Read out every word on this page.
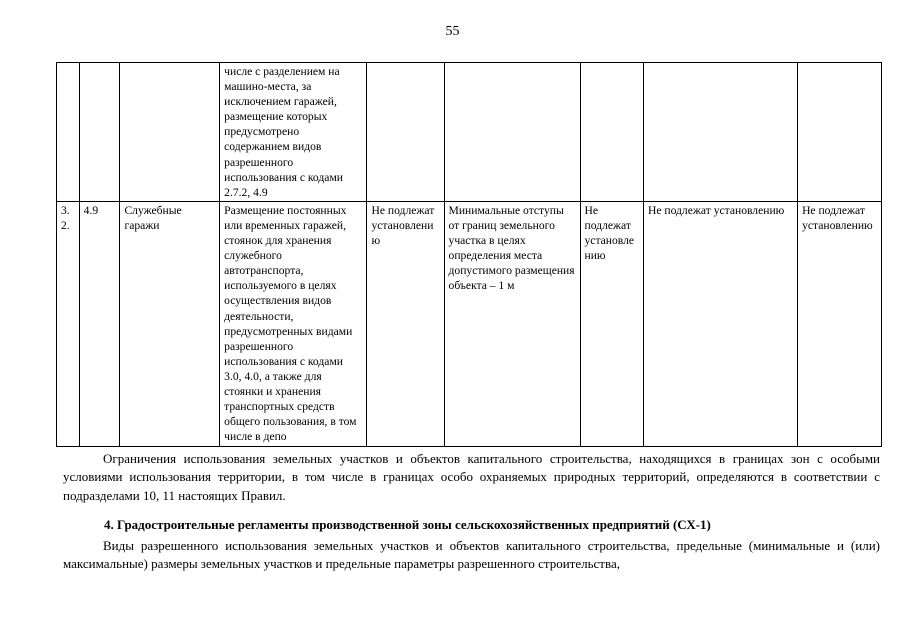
55
			числе с разделением на машино-места, за исключением гаражей, размещение которых предусмотрено содержанием видов разрешенного использования с кодами 2.7.2, 4.9					
3.2.	4.9	Служебные гаражи	Размещение постоянных или временных гаражей, стоянок для хранения служебного автотранспорта, используемого в целях осуществления видов деятельности, предусмотренных видами разрешенного использования с кодами 3.0, 4.0, а также для стоянки и хранения транспортных средств общего пользования, в том числе в депо	Не подлежат установлению	Минимальные отступы от границ земельного участка в целях определения места допустимого размещения объекта – 1 м	Не подлежат установлению	Не подлежат установлению	Не подлежат установлению
Ограничения использования земельных участков и объектов капитального строительства, находящихся в границах зон с особыми условиями использования территории, в том числе в границах особо охраняемых природных территорий, определяются в соответствии с подразделами 10, 11 настоящих Правил.
4. Градостроительные регламенты производственной зоны сельскохозяйственных предприятий (СХ-1)
Виды разрешенного использования земельных участков и объектов капитального строительства, предельные (минимальные и (или) максимальные) размеры земельных участков и предельные параметры разрешенного строительства,
